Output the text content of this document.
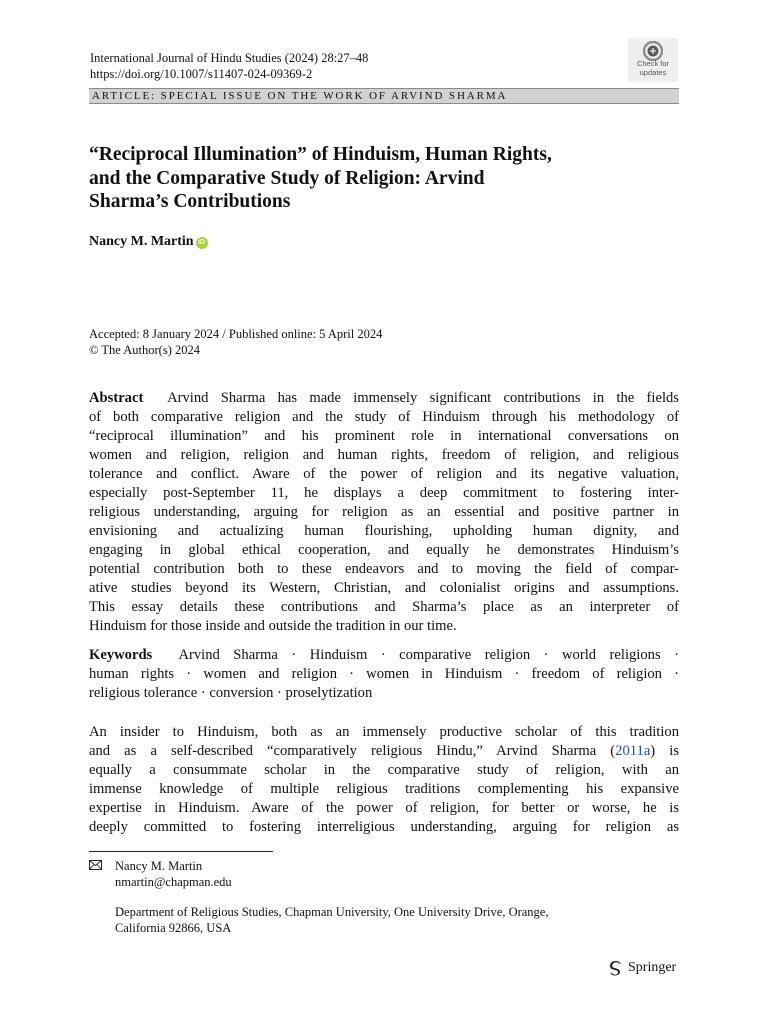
International Journal of Hindu Studies (2024) 28:27–48
https://doi.org/10.1007/s11407-024-09369-2
Check for
updates
ARTICLE: SPECIAL ISSUE ON THE WORK OF ARVIND SHARMA
“Reciprocal Illumination” of Hinduism, Human Rights,
and the Comparative Study of Religion: Arvind
Sharma’s Contributions
Nancy M. Martin iD
Accepted: 8 January 2024 / Published online: 5 April 2024
© The Author(s) 2024
Abstract Arvind Sharma has made immensely significant contributions in the fields
of both comparative religion and the study of Hinduism through his methodology of
“reciprocal illumination” and his prominent role in international conversations on
women and religion, religion and human rights, freedom of religion, and religious
tolerance and conflict. Aware of the power of religion and its negative valuation,
especially post-September 11, he displays a deep commitment to fostering inter-
religious understanding, arguing for religion as an essential and positive partner in
envisioning and actualizing human flourishing, upholding human dignity, and
engaging in global ethical cooperation, and equally he demonstrates Hinduism’s
potential contribution both to these endeavors and to moving the field of compar-
ative studies beyond its Western, Christian, and colonialist origins and assumptions.
This essay details these contributions and Sharma’s place as an interpreter of
Hinduism for those inside and outside the tradition in our time.
Keywords Arvind Sharma · Hinduism · comparative religion · world religions ·
human rights · women and religion · women in Hinduism · freedom of religion ·
religious tolerance · conversion · proselytization
An insider to Hinduism, both as an immensely productive scholar of this tradition
and as a self-described “comparatively religious Hindu,” Arvind Sharma (2011a) is
equally a consummate scholar in the comparative study of religion, with an
immense knowledge of multiple religious traditions complementing his expansive
expertise in Hinduism. Aware of the power of religion, for better or worse, he is
deeply committed to fostering interreligious understanding, arguing for religion as
Nancy M. Martin
nmartin@chapman.edu
Department of Religious Studies, Chapman University, One University Drive, Orange,
California 92866, USA
Springer
